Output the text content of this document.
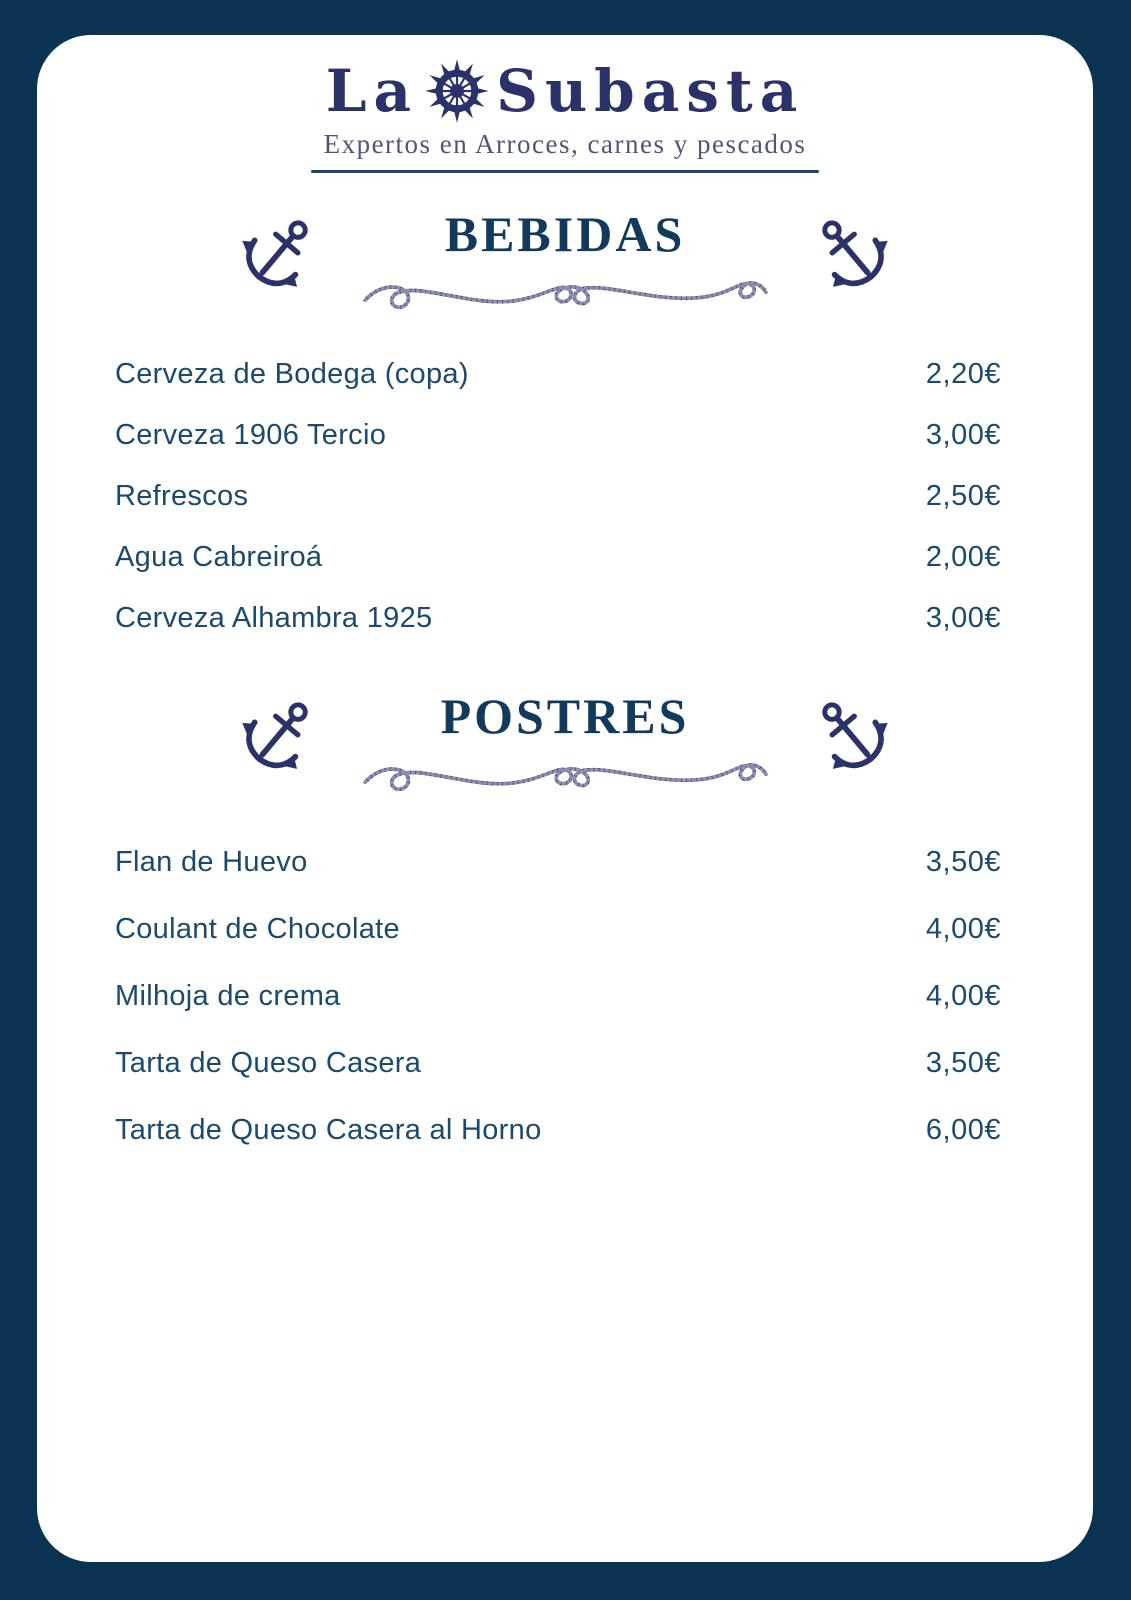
La Subasta
Expertos en Arroces, carnes y pescados
BEBIDAS
Cerveza de Bodega (copa)	2,20€
Cerveza 1906 Tercio	3,00€
Refrescos	2,50€
Agua Cabreiroá	2,00€
Cerveza Alhambra 1925	3,00€
POSTRES
Flan de Huevo	3,50€
Coulant de Chocolate	4,00€
Milhoja de crema	4,00€
Tarta de Queso Casera	3,50€
Tarta de Queso Casera al Horno	6,00€
